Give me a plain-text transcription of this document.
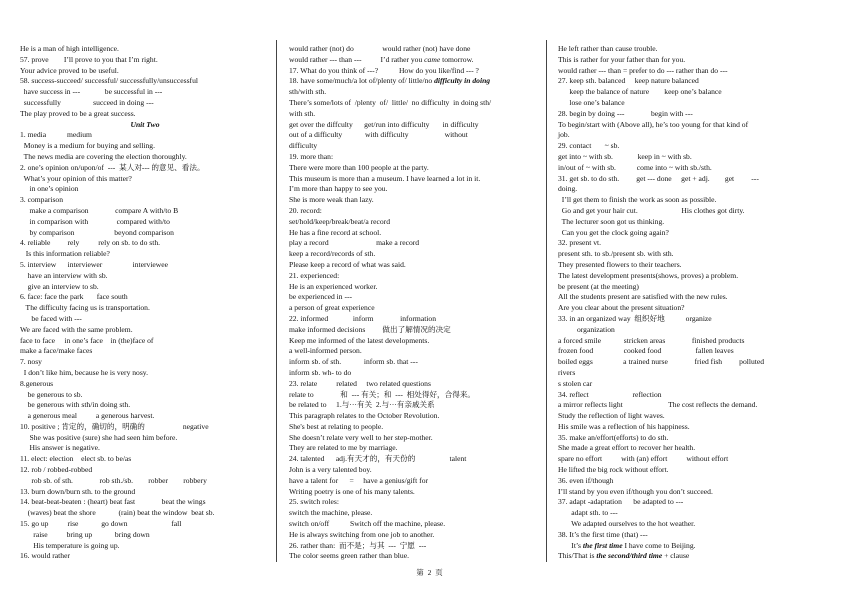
He is a man of high intelligence.
57. prove        I’ll prove to you that I’m right.
Your advice proved to be useful.
58. success-succeed/ successful/ successfully/unsuccessful
have success in ---             be successful in ---
successfully                 succeed in doing ---
The play proved to be a great success.
Unit Two
1. media           medium
Money is a medium for buying and selling.
The news media are covering the election thoroughly.
2. one’s opinion on/upon/of  ---  某人对--- 的意见、看法。
What’s your opinion of this matter?
in one’s opinion
3. comparison
make a comparison              compare A with/to B
in comparison with               compared with/to
by comparison                     beyond comparison
4. reliable         rely          rely on sb. to do sth.
Is this information reliable?
5. interview      interviewer                interviewee
have an interview with sb.
give an interview to sb.
6. face: face the park       face south
The difficulty facing us is transportation.
be faced with ---
We are faced with the same problem.
face to face     in one’s face    in (the)face of
make a face/make faces
7. nosy
I don’t like him, because he is very nosy.
8.generous
be generous to sb.
be generous with sth/in doing sth.
a generous meal          a generous harvest.
10. positive ; 肯定的，确切的，明确的                    negative
She was positive (sure) she had seen him before.
His answer is negative.
11. elect: election    elect sb. to be/as
12. rob / robbed-robbed
rob sb. of sth.              rob sth./sb.        robber        robbery
13. burn down/burn sth. to the ground
14. beat-beat-beaten : (heart) beat fast              beat the wings
(waves) beat the shore            (rain) beat the window  beat sb.
15. go up          rise            go down                       fall
raise          bring up            bring down
His temperature is going up.
16. would rather
would rather (not) do               would rather (not) have done
would rather --- than ---          I’d rather you came tomorrow.
17. What do you think of ---?           How do you like/find --- ?
18. have some/much/a lot of/plenty of/ little/no difficulty in doing
sth/with sth.
There’s some/lots of  /plenty  of/  little/  no difficulty  in doing sth/
with sth.
get over the diffculty      get/run into difficulty       in difficulty
out of a difficulty            with difficulty                   without
difficulty
19. more than:
There were more than 100 people at the party.
This museum is more than a museum. I have learned a lot in it.
I’m more than happy to see you.
She is more weak than lazy.
20. record:
set/hold/keep/break/beat/a record
He has a fine record at school.
play a record                         make a record
keep a record/records of sth.
Please keep a record of what was said.
21. experienced:
He is an experienced worker.
be experienced in ---
a person of great experience
22. informed             inform              information
make informed decisions         做出了解情况的决定
Keep me informed of the latest developments.
a well-informed person.
inform sb. of sth.            inform sb. that ---
inform sb. wh- to do
23. relate          related     two related questions
relate to              和  --- 有关；和  ---  相处得好，合得来。
be related to     1.与···有关  2.与···有亲戚关系
This paragraph relates to the October Revolution.
She's best at relating to people.
She doesn’t relate very well to her step-mother.
They are related to me by marriage.
24. talented      adj.有天才的，有天份的                  talent
John is a very talented boy.
have a talent for      =     have a genius/gift for
Writing poetry is one of his many talents.
25. switch roles:
switch the machine, please.
switch on/off           Switch off the machine, please.
He is always switching from one job to another.
26. rather than:  而不是；与其  ---  宁愿  ---
The color seems green rather than blue.
He left rather than cause trouble.
This is rather for your father than for you.
would rather --- than = prefer to do --- rather than do ---
27. keep sth. balanced     keep nature balanced
keep the balance of nature        keep one’s balance
lose one’s balance
28. begin by doing ---              begin with ---
To begin/start with (Above all), he’s too young for that kind of
job.
29. contact       ~ sb.
get into ~ with sb.             keep in ~ with sb.
in/out of ~ with sb.           come into ~ with sb./sth.
31. get sb. to do sth.         get --- done     get + adj.        get         ---
doing.
I’ll get them to finish the work as soon as possible.
Go and get your hair cut.                       His clothes got dirty.
The lecturer soon got us thinking.
Can you get the clock going again?
32. present vt.
present sth. to sb./present sb. with sth.
They presented flowers to their teachers.
The latest development presents(shows, proves) a problem.
be present (at the meeting)
All the students present are satisfied with the new rules.
Are you clear about the present situation?
33. in an organized way  组织好地           organize
organization
a forced smile            stricken areas              finished products
frozen food                cooked food                  fallen leaves
boiled eggs                a trained nurse              fried fish         polluted
rivers
s stolen car
34. reflect                       reflection
a mirror reflects light                        The cost reflects the demand.
Study the reflection of light waves.
His smile was a reflection of his happiness.
35. make an/effort(efforts) to do sth.
She made a great effort to recover her health.
spare no effort          with (an) effort          without effort
He lifted the big rock without effort.
36. even if/though
I’ll stand by you even if/though you don’t succeed.
37. adapt -adaptation      be adapted to ---
adapt sth. to ---
We adapted ourselves to the hot weather.
38. It’s the first time (that) ---
It’s the first time I have come to Beijing.
This/That is the second/third time + clause
第 2 页
